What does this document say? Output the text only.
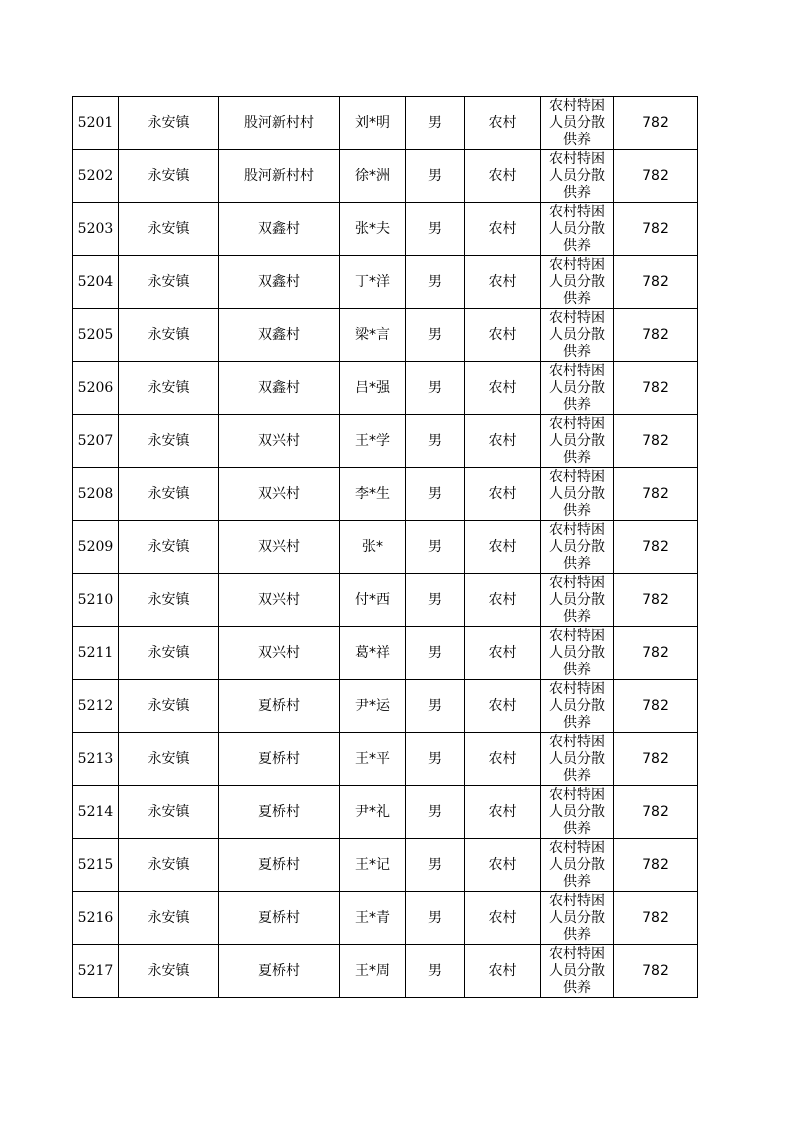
5201	永安镇	股河新村村	刘*明	男	农村	农村特困人员分散供养	782
5202	永安镇	股河新村村	徐*洲	男	农村	农村特困人员分散供养	782
5203	永安镇	双鑫村	张*夫	男	农村	农村特困人员分散供养	782
5204	永安镇	双鑫村	丁*洋	男	农村	农村特困人员分散供养	782
5205	永安镇	双鑫村	梁*言	男	农村	农村特困人员分散供养	782
5206	永安镇	双鑫村	吕*强	男	农村	农村特困人员分散供养	782
5207	永安镇	双兴村	王*学	男	农村	农村特困人员分散供养	782
5208	永安镇	双兴村	李*生	男	农村	农村特困人员分散供养	782
5209	永安镇	双兴村	张*	男	农村	农村特困人员分散供养	782
5210	永安镇	双兴村	付*西	男	农村	农村特困人员分散供养	782
5211	永安镇	双兴村	葛*祥	男	农村	农村特困人员分散供养	782
5212	永安镇	夏桥村	尹*运	男	农村	农村特困人员分散供养	782
5213	永安镇	夏桥村	王*平	男	农村	农村特困人员分散供养	782
5214	永安镇	夏桥村	尹*礼	男	农村	农村特困人员分散供养	782
5215	永安镇	夏桥村	王*记	男	农村	农村特困人员分散供养	782
5216	永安镇	夏桥村	王*青	男	农村	农村特困人员分散供养	782
5217	永安镇	夏桥村	王*周	男	农村	农村特困人员分散供养	782
